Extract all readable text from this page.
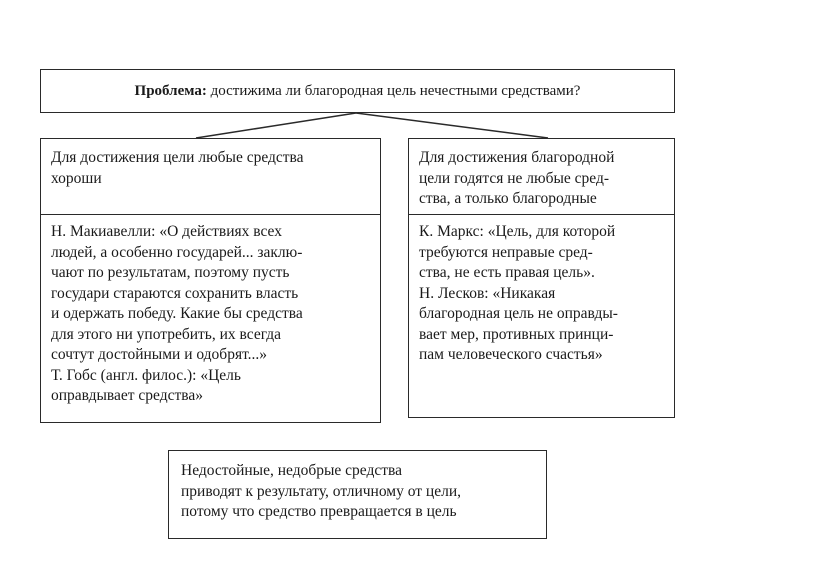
Проблема: достижима ли благородная цель нечестными средствами?
Для достижения цели любые средства
хороши
Н. Макиавелли: «О действиях всех
людей, а особенно государей... заклю-
чают по результатам, поэтому пусть
государи стараются сохранить власть
и одержать победу. Какие бы средства
для этого ни употребить, их всегда
сочтут достойными и одобрят...»
Т. Гобс (англ. филос.): «Цель
оправдывает средства»
Для достижения благородной
цели годятся не любые сред-
ства, а только благородные
К. Маркс: «Цель, для которой
требуются неправые сред-
ства, не есть правая цель».
Н. Лесков: «Никакая
благородная цель не оправды-
вает мер, противных принци-
пам человеческого счастья»
Недостойные, недобрые средства
приводят к результату, отличному от цели,
потому что средство превращается в цель
